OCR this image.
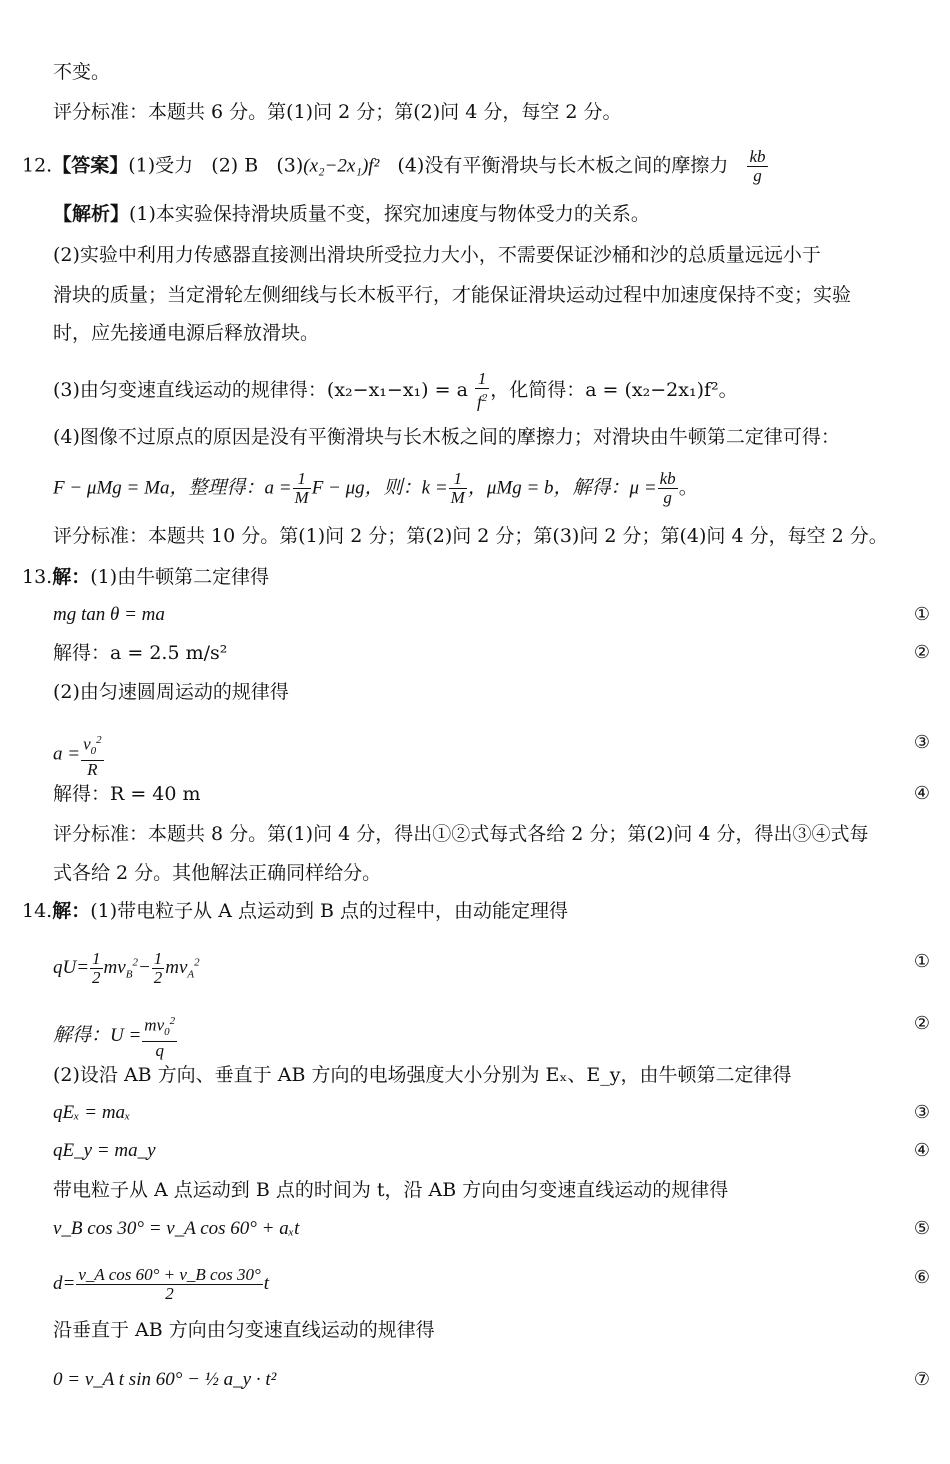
不变。
评分标准：本题共 6 分。第(1)问 2 分；第(2)问 4 分，每空 2 分。
12.【答案】(1)受力 (2) B (3)(x₂−2x₁)f² (4)没有平衡滑块与长木板之间的摩擦力 $\frac{kb}{g}$
【解析】(1)本实验保持滑块质量不变，探究加速度与物体受力的关系。
(2)实验中利用力传感器直接测出滑块所受拉力大小，不需要保证沙桶和沙的总质量远远小于
滑块的质量；当定滑轮左侧细线与长木板平行，才能保证滑块运动过程中加速度保持不变；实验
时，应先接通电源后释放滑块。
(3)由匀变速直线运动的规律得：(x₂−x₁−x₁) = a $\frac{1}{f^2}$ ，化简得：a = (x₂−2x₁)f²。
(4)图像不过原点的原因是没有平衡滑块与长木板之间的摩擦力；对滑块由牛顿第二定律可得：
F − μMg = Ma，整理得：$a = \frac{1}{M}$ F − μg，则：$k = \frac{1}{M}$ ，μMg = b，解得：$\mu = \frac{kb}{g}$ 。
评分标准：本题共 10 分。第(1)问 2 分；第(2)问 2 分；第(3)问 2 分；第(4)问 4 分，每空 2 分。
13.解：(1)由牛顿第二定律得
mg tan θ = ma	①
解得：a = 2.5 m/s²	②
(2)由匀速圆周运动的规律得
$a = \frac{v_0^2}{R}$	③
解得：R = 40 m	④
评分标准：本题共 8 分。第(1)问 4 分，得出①②式每式各给 2 分；第(2)问 4 分，得出③④式每
式各给 2 分。其他解法正确同样给分。
14.解：(1)带电粒子从 A 点运动到 B 点的过程中，由动能定理得
$qU= \frac{1}{2} mv_B^2- \frac{1}{2} mv_A^2$	①
解得：$U = \frac{mv_0^2}{q}$	②
(2)设沿 AB 方向、垂直于 AB 方向的电场强度大小分别为 Eₓ、E_y，由牛顿第二定律得
qEₓ = maₓ	③
qE_y = ma_y	④
带电粒子从 A 点运动到 B 点的时间为 t，沿 AB 方向由匀变速直线运动的规律得
v_B cos 30° = v_A cos 60° + aₓt	⑤
$d= \frac{\text{v\_A cos 60° + v\_B cos 30°}}{2}$ t	⑥
沿垂直于 AB 方向由匀变速直线运动的规律得
0 = v_A t sin 60° − ½ a_y · t²	⑦
